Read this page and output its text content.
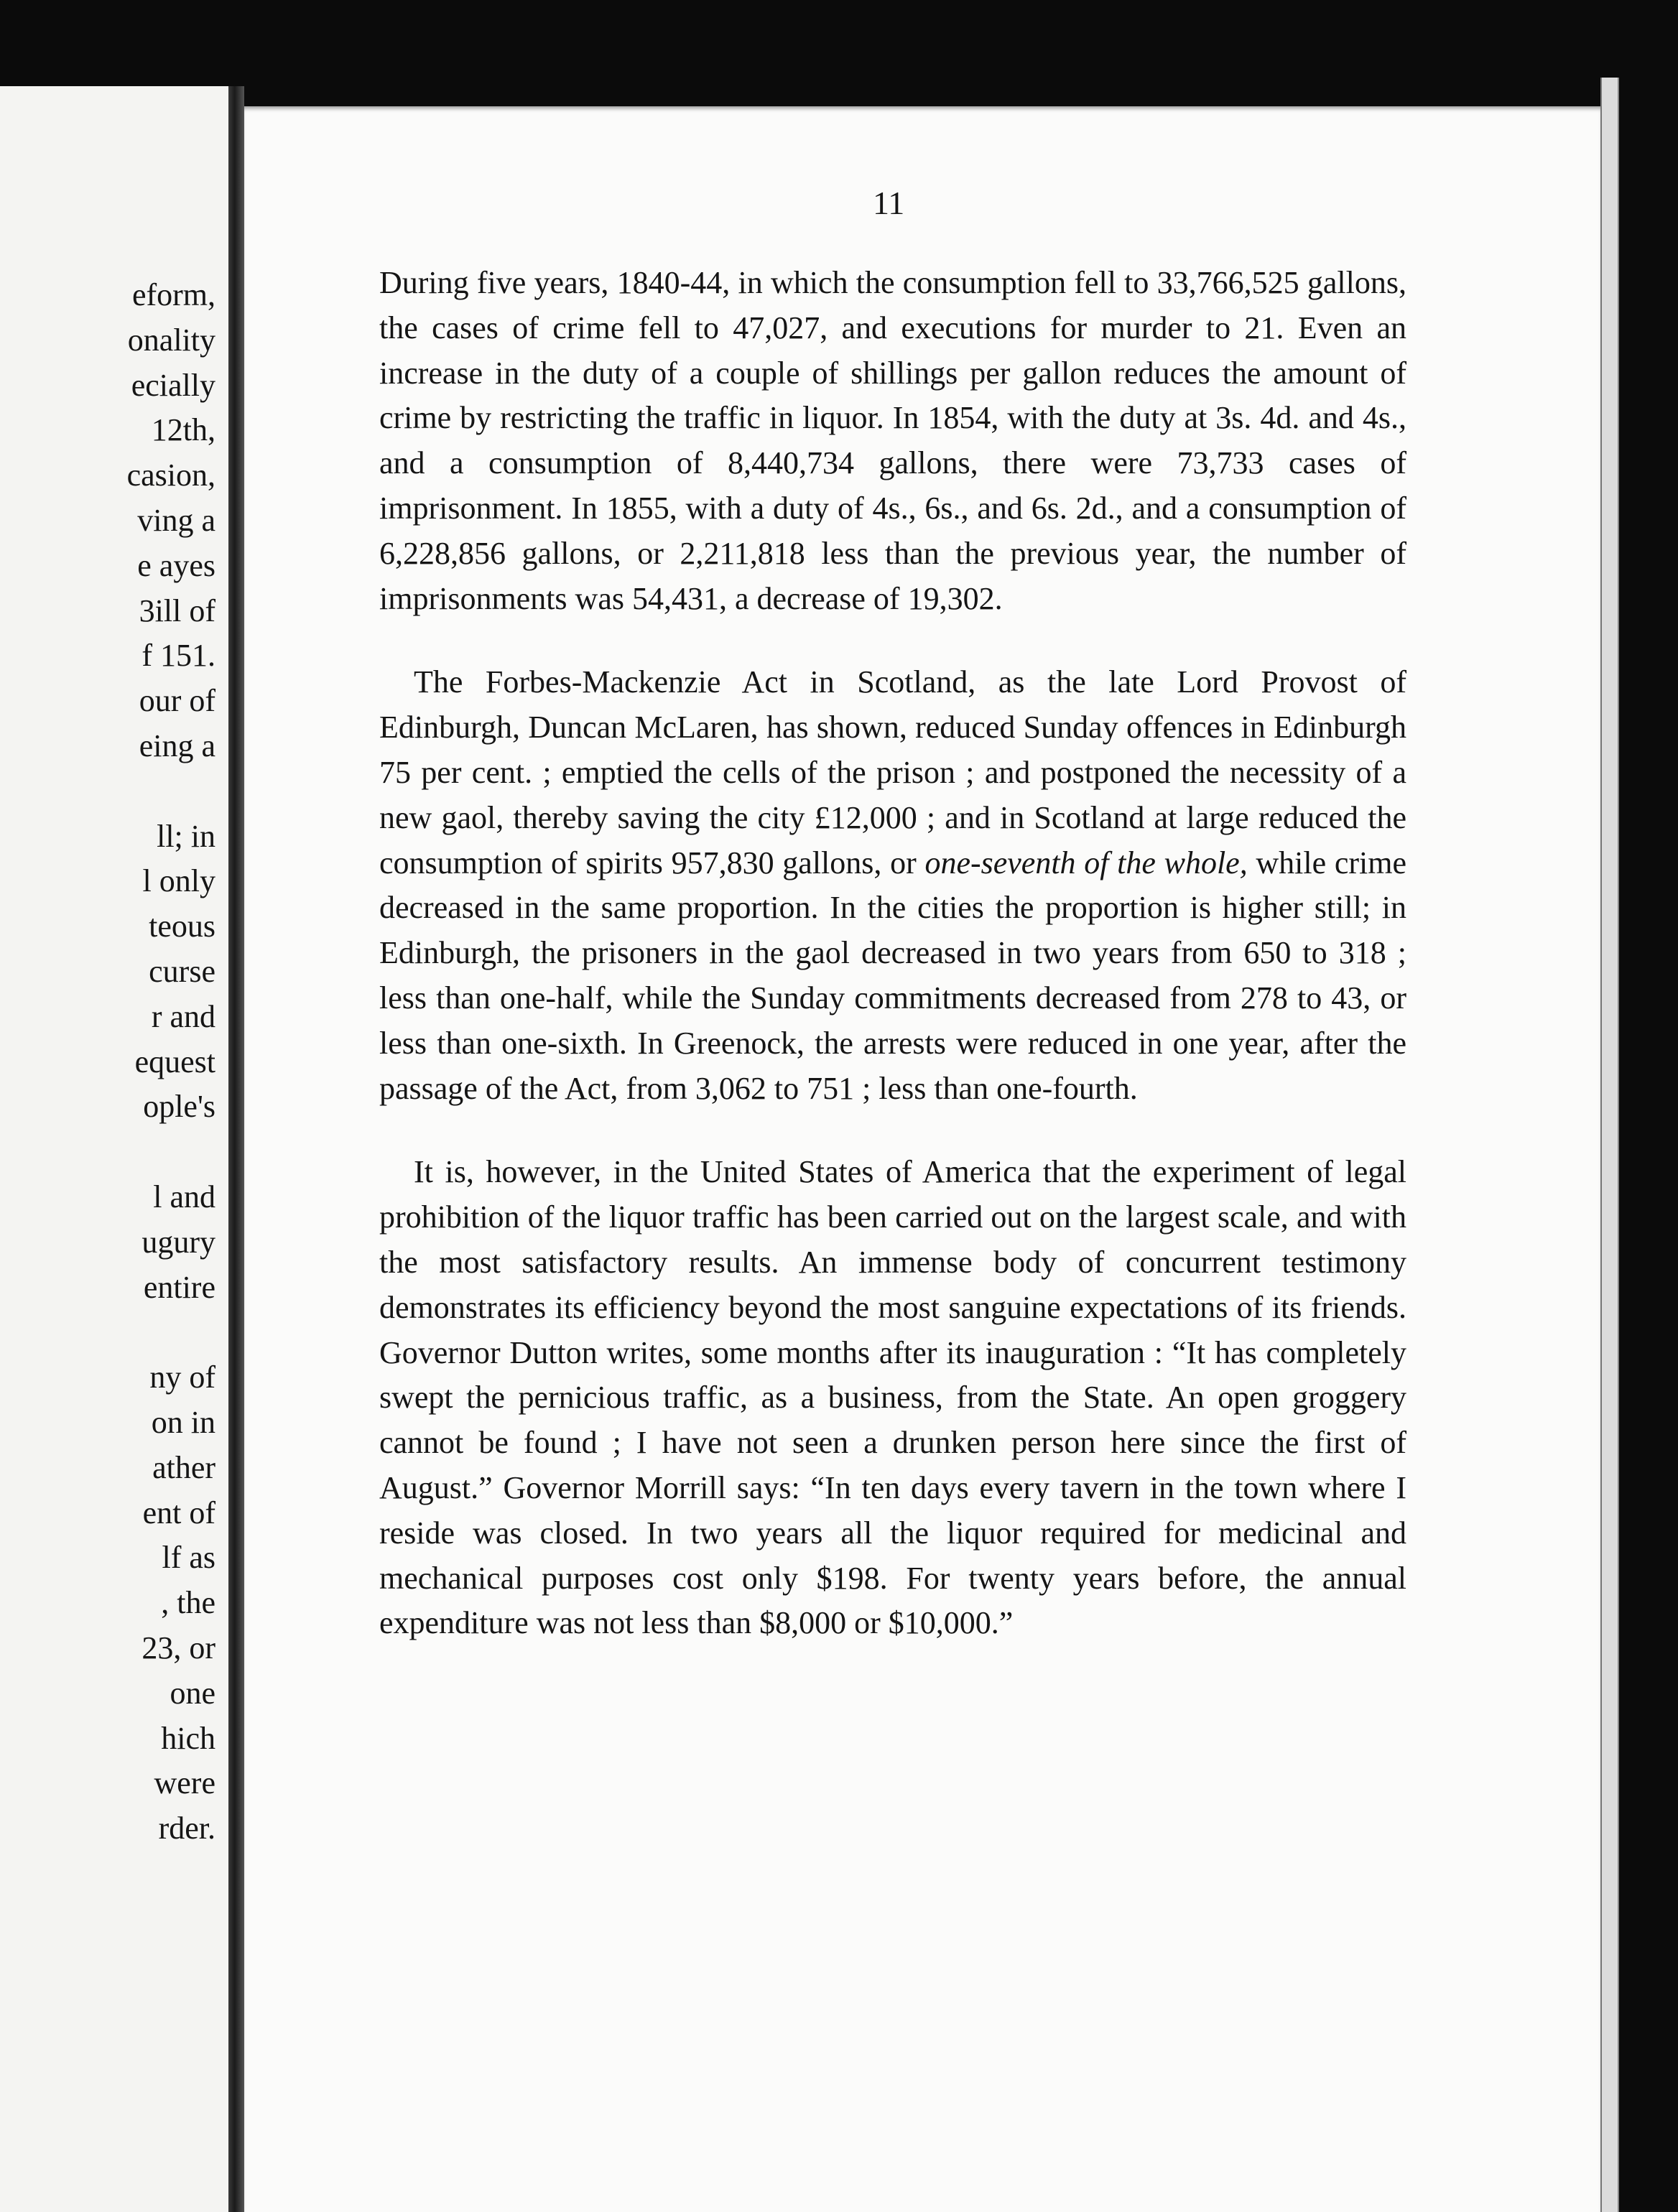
eform,
onality
ecially
12th,
casion,
ving a
e ayes
3ill of
f 151.
our of
eing a
ll; in
l only
teous
curse
r and
equest
ople's
l and
ugury
entire
ny of
on in
ather
ent of
lf as
, the
23, or
one
hich
were
rder.
11

During five years, 1840-44, in which the consumption fell to 33,766,525 gallons, the cases of crime fell to 47,027, and executions for murder to 21. Even an increase in the duty of a couple of shillings per gallon reduces the amount of crime by restricting the traffic in liquor. In 1854, with the duty at 3s. 4d. and 4s., and a consumption of 8,440,734 gallons, there were 73,733 cases of imprisonment. In 1855, with a duty of 4s., 6s., and 6s. 2d., and a consumption of 6,228,856 gallons, or 2,211,818 less than the previous year, the number of imprisonments was 54,431, a decrease of 19,302.

The Forbes-Mackenzie Act in Scotland, as the late Lord Provost of Edinburgh, Duncan McLaren, has shown, reduced Sunday offences in Edinburgh 75 per cent. ; emptied the cells of the prison ; and postponed the necessity of a new gaol, thereby saving the city £12,000 ; and in Scotland at large reduced the consumption of spirits 957,830 gallons, or one-seventh of the whole, while crime decreased in the same proportion. In the cities the proportion is higher still; in Edinburgh, the prisoners in the gaol decreased in two years from 650 to 318 ; less than one-half, while the Sunday commitments decreased from 278 to 43, or less than one-sixth. In Greenock, the arrests were reduced in one year, after the passage of the Act, from 3,062 to 751 ; less than one-fourth.

It is, however, in the United States of America that the experiment of legal prohibition of the liquor traffic has been carried out on the largest scale, and with the most satisfactory results. An immense body of concurrent testimony demonstrates its efficiency beyond the most sanguine expectations of its friends. Governor Dutton writes, some months after its inauguration : “It has completely swept the pernicious traffic, as a business, from the State. An open groggery cannot be found ; I have not seen a drunken person here since the first of August.” Governor Morrill says: “In ten days every tavern in the town where I reside was closed. In two years all the liquor required for medicinal and mechanical purposes cost only $198. For twenty years before, the annual expenditure was not less than $8,000 or $10,000.”
